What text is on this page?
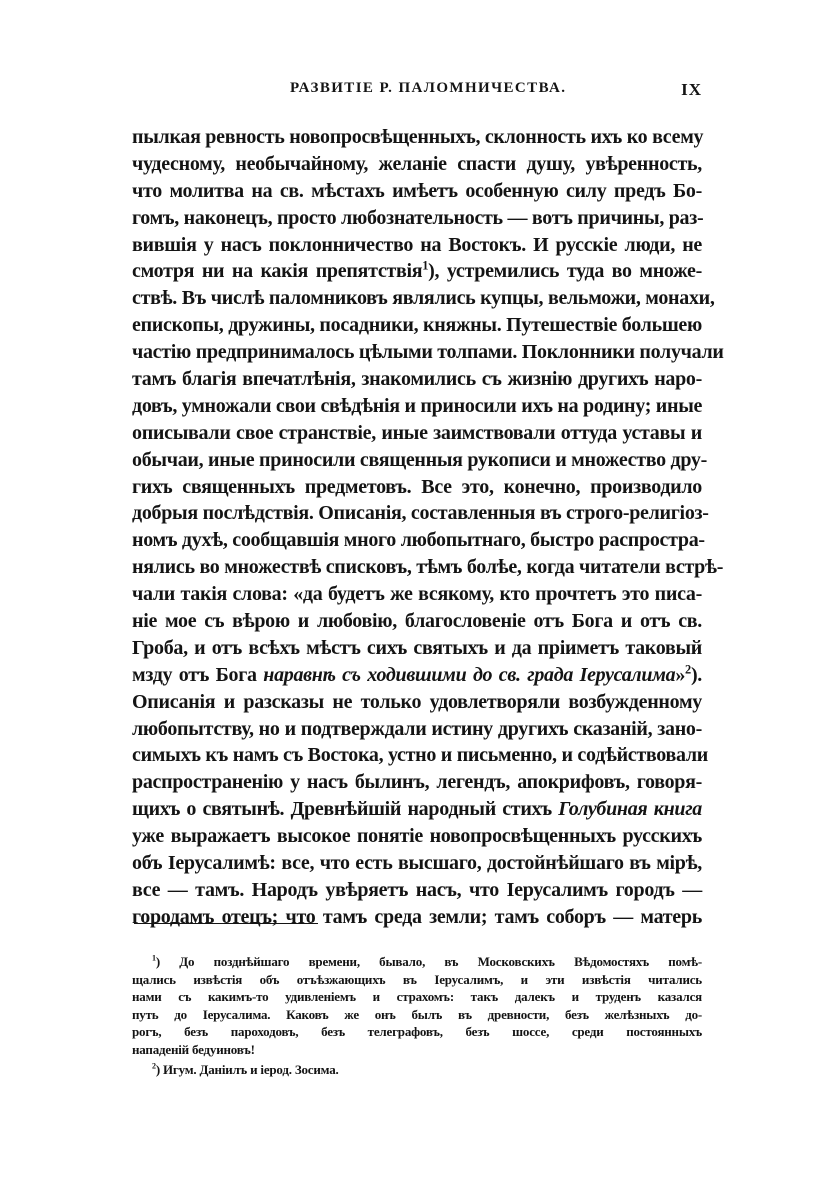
РАЗВИТІЕ Р. ПАЛОМНИЧЕСТВА.	IX
пылкая ревность новопросвѣщенныхъ, склонность ихъ ко всему
чудесному, необычайному, желаніе спасти душу, увѣренность,
что молитва на св. мѣстахъ имѣетъ особенную силу предъ Бо-
гомъ, наконецъ, просто любознательность — вотъ причины, раз-
вившія у насъ поклонничество на Востокъ. И русскіе люди, не
смотря ни на какія препятствія$^1$), устремились туда во множе-
ствѣ. Въ числѣ паломниковъ являлись купцы, вельможи, монахи,
епископы, дружины, посадники, княжны. Путешествіе большею
частію предпринималось цѣлыми толпами. Поклонники получали
тамъ благія впечатлѣнія, знакомились съ жизнію другихъ наро-
довъ, умножали свои свѣдѣнія и приносили ихъ на родину; иные
описывали свое странствіе, иные заимствовали оттуда уставы и
обычаи, иные приносили священныя рукописи и множество дру-
гихъ священныхъ предметовъ. Все это, конечно, производило
добрыя послѣдствія. Описанія, составленныя въ строго-религіоз-
номъ духѣ, сообщавшія много любопытнаго, быстро распростра-
нялись во множествѣ списковъ, тѣмъ болѣе, когда читатели встрѣ-
чали такія слова: «да будетъ же всякому, кто прочтетъ это писа-
ніе мое съ вѣрою и любовію, благословеніе отъ Бога и отъ св.
Гроба, и отъ всѣхъ мѣстъ сихъ святыхъ и да пріиметъ таковый
мзду отъ Бога наравнѣ съ ходившими до св. града Іерусалима»$^2$).
Описанія и разсказы не только удовлетворяли возбужденному
любопытству, но и подтверждали истину другихъ сказаній, зано-
симыхъ къ намъ съ Востока, устно и письменно, и содѣйствовали
распространенію у насъ былинъ, легендъ, апокрифовъ, говоря-
щихъ о святынѣ. Древнѣйшій народный стихъ Голубиная книга
уже выражаетъ высокое понятіе новопросвѣщенныхъ русскихъ
объ Іерусалимѣ: все, что есть высшаго, достойнѣйшаго въ мірѣ,
все — тамъ. Народъ увѣряетъ насъ, что Іерусалимъ городъ —
городамъ отецъ; что тамъ среда земли; тамъ соборъ — матерь
$^1$) До позднѣйшаго времени, бывало, въ Московскихъ Вѣдомостяхъ помѣ-
щались извѣстія объ отъѣзжающихъ въ Іерусалимъ, и эти извѣстія читались
нами съ какимъ-то удивленіемъ и страхомъ: такъ далекъ и труденъ казался
путь до Іерусалима. Каковъ же онъ былъ въ древности, безъ желѣзныхъ до-
рогъ, безъ пароходовъ, безъ телеграфовъ, безъ шоссе, среди постоянныхъ
нападеній бедуиновъ!
$^2$) Игум. Даніилъ и іерод. Зосима.
